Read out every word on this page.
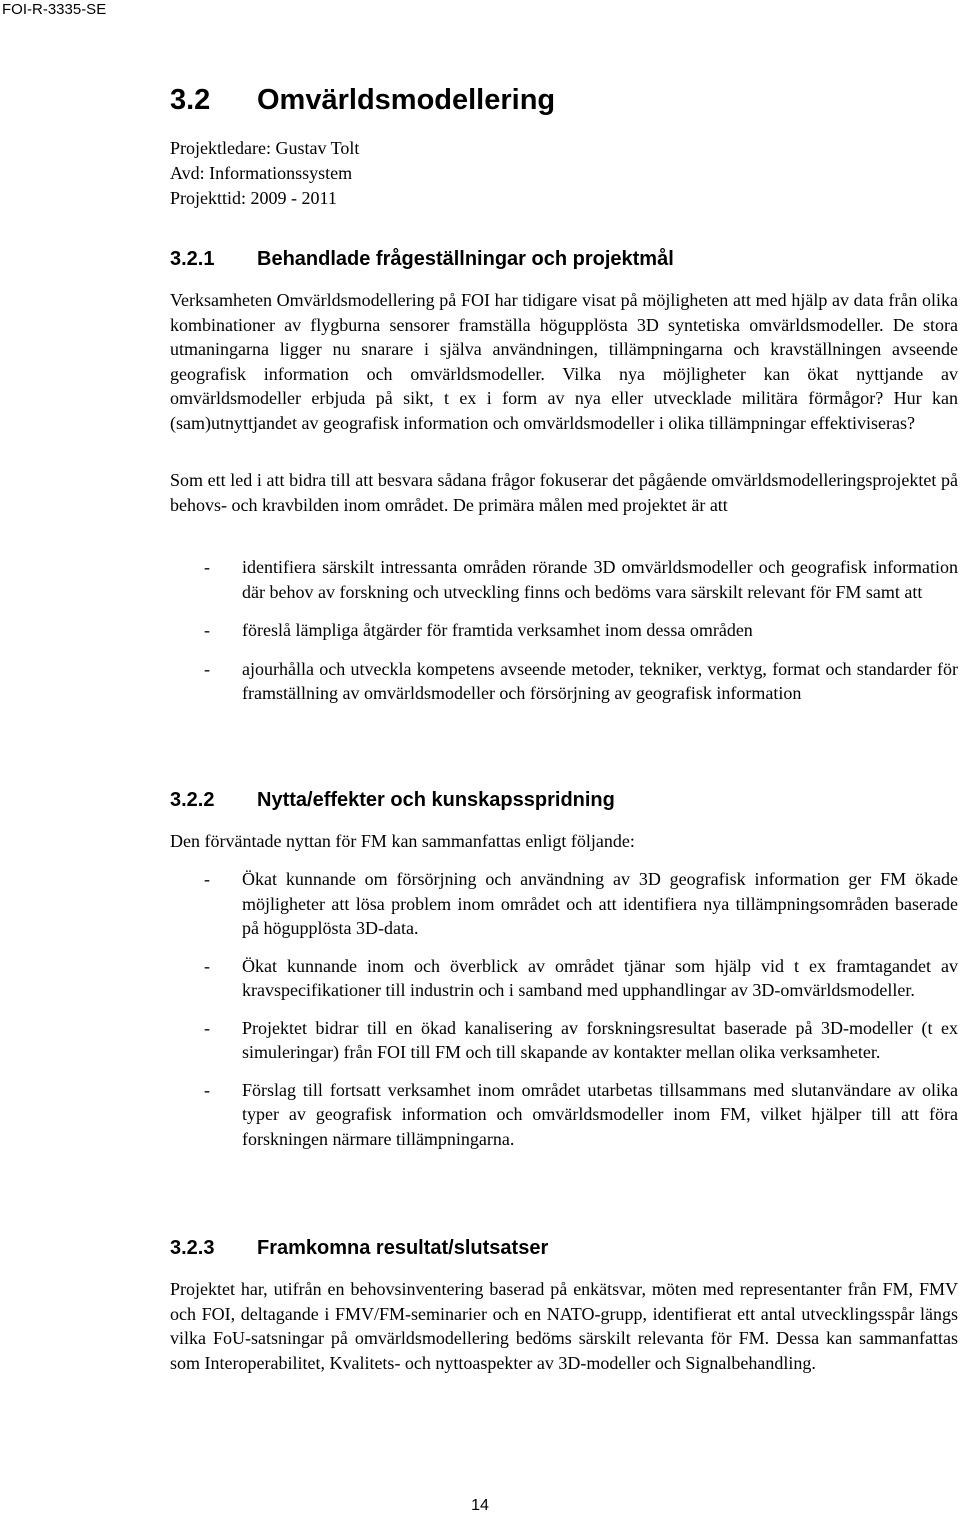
FOI-R-3335-SE
3.2 Omvärldsmodellering
Projektledare: Gustav Tolt
Avd: Informationssystem
Projekttid: 2009 - 2011
3.2.1 Behandlade frågeställningar och projektmål

Verksamheten Omvärldsmodellering på FOI har tidigare visat på möjligheten att med hjälp av data från olika kombinationer av flygburna sensorer framställa högupplösta 3D syntetiska omvärldsmodeller. De stora utmaningarna ligger nu snarare i själva användningen, tillämpningarna och kravställningen avseende geografisk information och omvärldsmodeller. Vilka nya möjligheter kan ökat nyttjande av omvärldsmodeller erbjuda på sikt, t ex i form av nya eller utvecklade militära förmågor? Hur kan (sam)utnyttjandet av geografisk information och omvärldsmodeller i olika tillämpningar effektiviseras?

Som ett led i att bidra till att besvara sådana frågor fokuserar det pågående omvärldsmodelleringsprojektet på behovs- och kravbilden inom området. De primära målen med projektet är att

- identifiera särskilt intressanta områden rörande 3D omvärldsmodeller och geografisk information där behov av forskning och utveckling finns och bedöms vara särskilt relevant för FM samt att
- föreslå lämpliga åtgärder för framtida verksamhet inom dessa områden
- ajourhålla och utveckla kompetens avseende metoder, tekniker, verktyg, format och standarder för framställning av omvärldsmodeller och försörjning av geografisk information
3.2.2 Nytta/effekter och kunskapsspridning

Den förväntade nyttan för FM kan sammanfattas enligt följande:

- Ökat kunnande om försörjning och användning av 3D geografisk information ger FM ökade möjligheter att lösa problem inom området och att identifiera nya tillämpningsområden baserade på högupplösta 3D-data.
- Ökat kunnande inom och överblick av området tjänar som hjälp vid t ex framtagandet av kravspecifikationer till industrin och i samband med upphandlingar av 3D-omvärldsmodeller.
- Projektet bidrar till en ökad kanalisering av forskningsresultat baserade på 3D-modeller (t ex simuleringar) från FOI till FM och till skapande av kontakter mellan olika verksamheter.
- Förslag till fortsatt verksamhet inom området utarbetas tillsammans med slutanvändare av olika typer av geografisk information och omvärldsmodeller inom FM, vilket hjälper till att föra forskningen närmare tillämpningarna.
3.2.3 Framkomna resultat/slutsatser

Projektet har, utifrån en behovsinventering baserad på enkätsvar, möten med representanter från FM, FMV och FOI, deltagande i FMV/FM-seminarier och en NATO-grupp, identifierat ett antal utvecklingsspår längs vilka FoU-satsningar på omvärldsmodellering bedöms särskilt relevanta för FM. Dessa kan sammanfattas som Interoperabilitet, Kvalitets- och nyttoaspekter av 3D-modeller och Signalbehandling.

14
